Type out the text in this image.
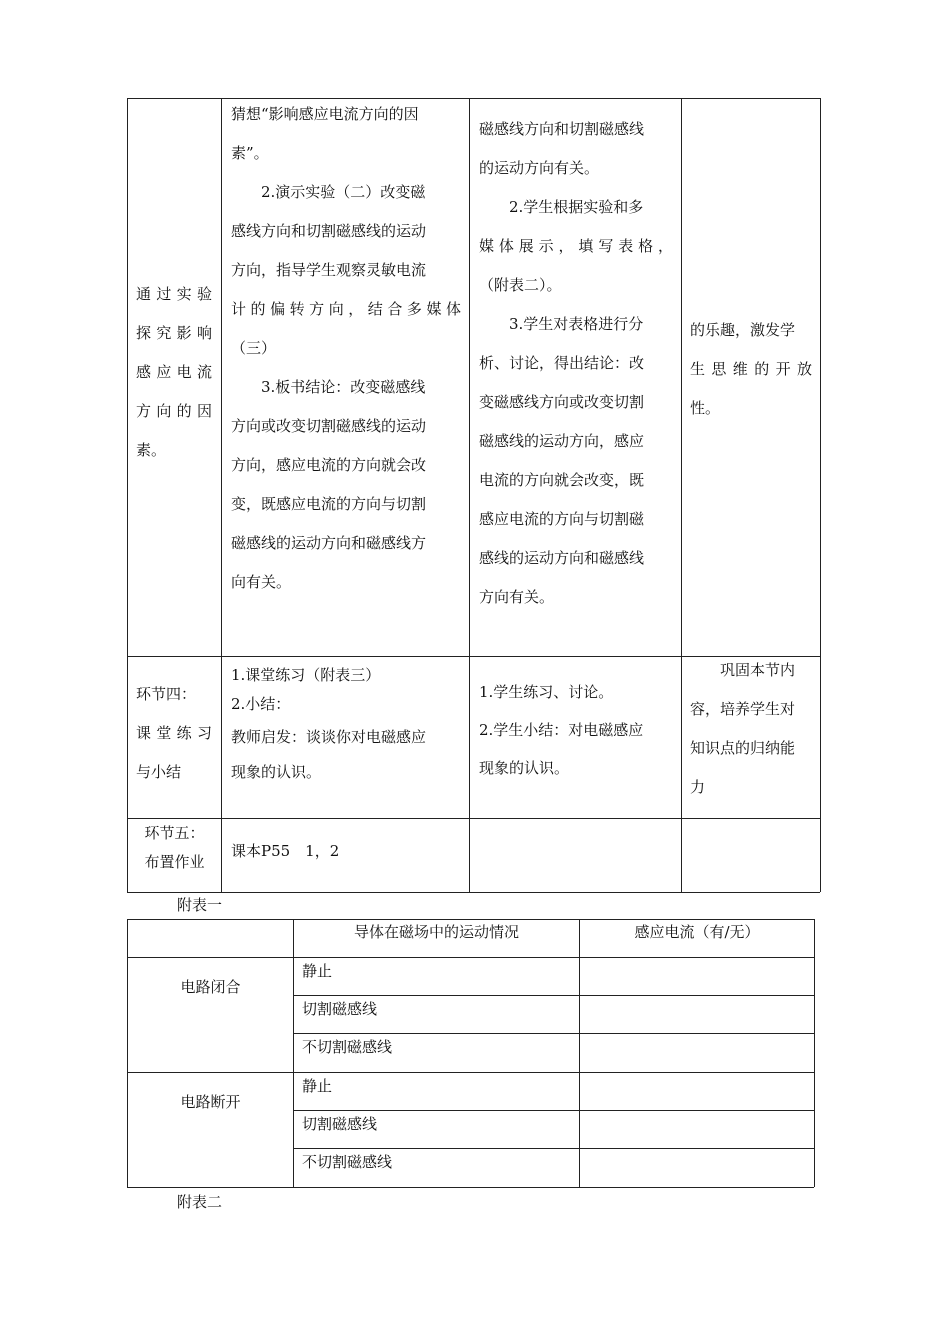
通过实验
探究影响
感应电流
方向的因
素。
猜想“影响感应电流方向的因
素”。
　　2.演示实验（二）改变磁
感线方向和切割磁感线的运动
方向，指导学生观察灵敏电流
计的偏转方向，结合多媒体
（三）
　　3.板书结论：改变磁感线
方向或改变切割磁感线的运动
方向，感应电流的方向就会改
变，既感应电流的方向与切割
磁感线的运动方向和磁感线方
向有关。
磁感线方向和切割磁感线
的运动方向有关。
　　2.学生根据实验和多
媒体展示，填写表格，
（附表二）。
　　3.学生对表格进行分
析、讨论，得出结论：改
变磁感线方向或改变切割
磁感线的运动方向，感应
电流的方向就会改变，既
感应电流的方向与切割磁
感线的运动方向和磁感线
方向有关。
的乐趣，激发学
生思维的开放
性。
环节四：
课堂练习
与小结
1.课堂练习（附表三）
2.小结：
教师启发：谈谈你对电磁感应
现象的认识。
1.学生练习、讨论。
2.学生小结：对电磁感应
现象的认识。
　　巩固本节内
容，培养学生对
知识点的归纳能
力
环节五：
布置作业
课本P55　1，2
附表一
导体在磁场中的运动情况	感应电流（有/无）
电路闭合
静止
切割磁感线
不切割磁感线
电路断开
静止
切割磁感线
不切割磁感线
附表二
